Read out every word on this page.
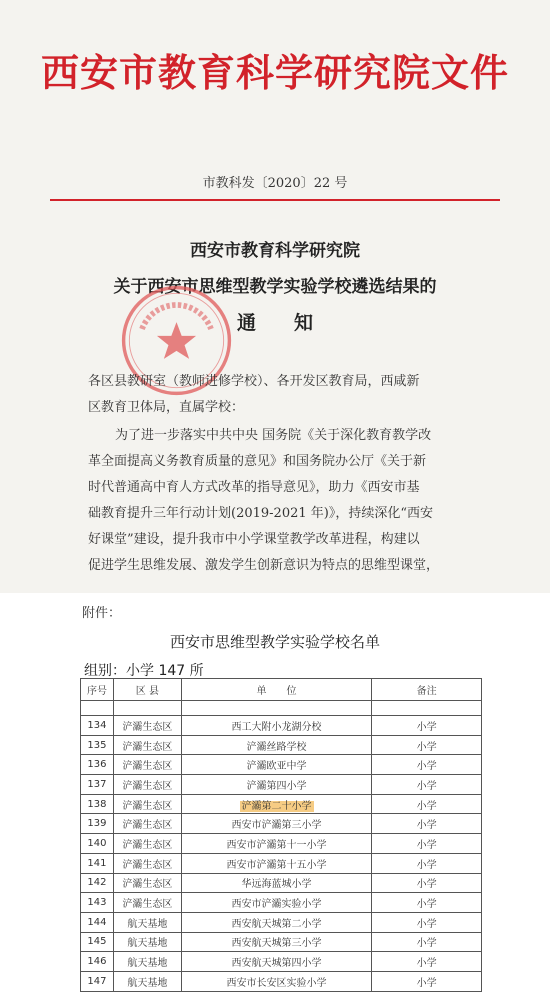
西安市教育科学研究院文件
市教科发〔2020〕22 号
西安市教育科学研究院
关于西安市思维型教学实验学校遴选结果的
通　　知
各区县教研室（教师进修学校）、各开发区教育局，西咸新
区教育卫体局，直属学校：
为了进一步落实中共中央 国务院《关于深化教育教学改
革全面提高义务教育质量的意见》和国务院办公厅《关于新
时代普通高中育人方式改革的指导意见》，助力《西安市基
础教育提升三年行动计划(2019-2021 年)》，持续深化“西安
好课堂”建设，提升我市中小学课堂教学改革进程，构建以
促进学生思维发展、激发学生创新意识为特点的思维型课堂，
附件：
西安市思维型教学实验学校名单
组别：小学 147 所
序号	区 县	单　　位	备注

134	浐灞生态区	西工大附小龙湖分校	小学
135	浐灞生态区	浐灞丝路学校	小学
136	浐灞生态区	浐灞欧亚中学	小学
137	浐灞生态区	浐灞第四小学	小学
138	浐灞生态区	浐灞第二十小学	小学
139	浐灞生态区	西安市浐灞第三小学	小学
140	浐灞生态区	西安市浐灞第十一小学	小学
141	浐灞生态区	西安市浐灞第十五小学	小学
142	浐灞生态区	华远海蓝城小学	小学
143	浐灞生态区	西安市浐灞实验小学	小学
144	航天基地	西安航天城第二小学	小学
145	航天基地	西安航天城第三小学	小学
146	航天基地	西安航天城第四小学	小学
147	航天基地	西安市长安区实验小学	小学
